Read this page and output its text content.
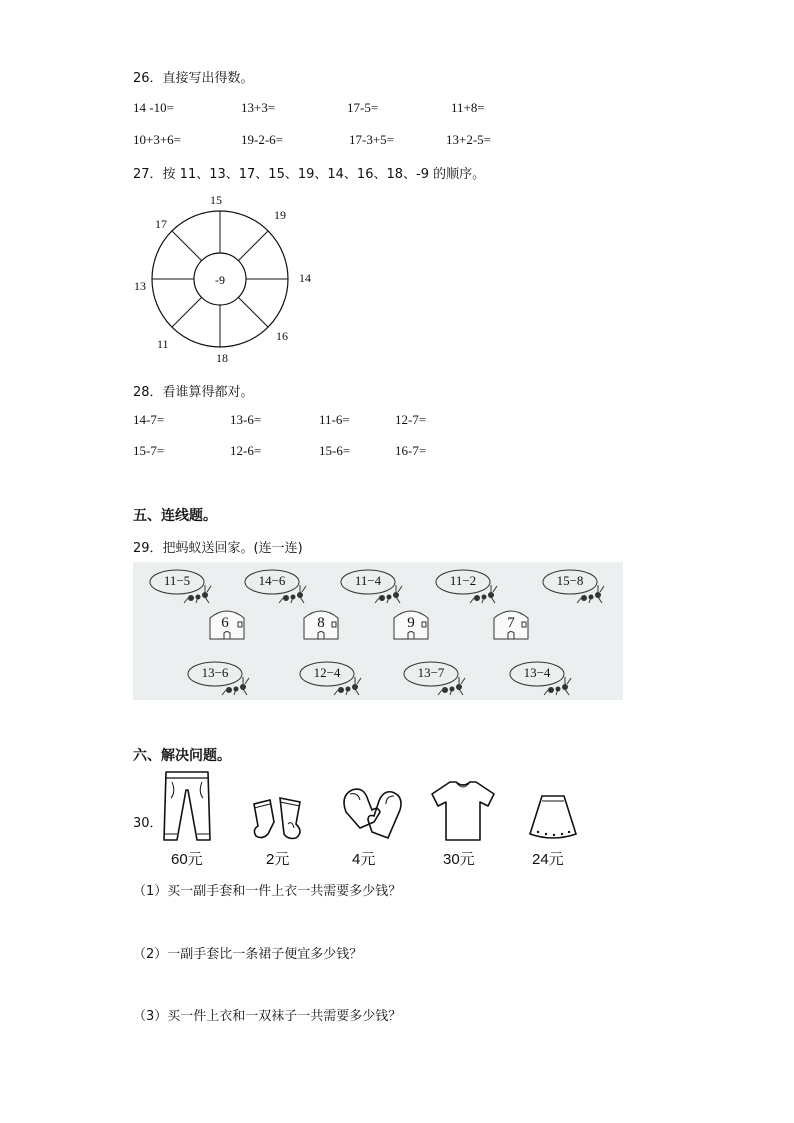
26．直接写出得数。
14 -10=	13+3=	17-5=	11+8=
10+3+6=	19-2-6=	17-3+5=	13+2-5=
27．按 11、13、17、15、19、14、16、18、-9 的顺序。
-9
15
19
14
16
18
11
13
17
28．看谁算得都对。
14-7=	13-6=	11-6=	12-7=
15-7=	12-6=	15-6=	16-7=
五、连线题。
29．把蚂蚁送回家。(连一连)
11−5	14−6	11−4	11−2	15−8
6	8	9	7
13−6	12−4	13−7	13−4
六、解决问题。
30．
60元	2元	4元	30元	24元
（1）买一副手套和一件上衣一共需要多少钱？
（2）一副手套比一条裙子便宜多少钱？
（3）买一件上衣和一双袜子一共需要多少钱？
